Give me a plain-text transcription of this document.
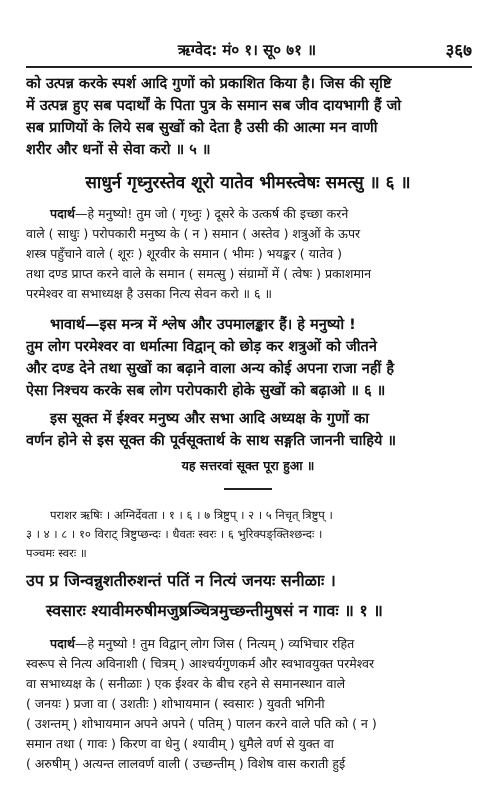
ऋग्वेद: मं० १। सू० ७१ ॥	३६७
को उत्पन्न करके स्पर्श आदि गुणों को प्रकाशित किया है। जिस की सृष्टि
में उत्पन्न हुए सब पदार्थों के पिता पुत्र के समान सब जीव दायभागी हैं जो
सब प्राणियों के लिये सब सुखों को देता है उसी की आत्मा मन वाणी
शरीर और धनों से सेवा करो ॥ ५ ॥
साधुर्न गृध्नुरस्तेव शूरो यातेव भीमस्त्वेषः समत्सु ॥ ६ ॥
पदार्थ—हे मनुष्यो! तुम जो ( गृध्नुः ) दूसरे के उत्कर्ष की इच्छा करने
वाले ( साधुः ) परोपकारी मनुष्य के ( न ) समान ( अस्तेव ) शत्रुओं के ऊपर
शस्त्र पहुँचाने वाले ( शूरः ) शूरवीर के समान ( भीमः ) भयङ्कर ( यातेव )
तथा दण्ड प्राप्त करने वाले के समान ( समत्सु ) संग्रामों में ( त्वेषः ) प्रकाशमान
परमेश्वर वा सभाध्यक्ष है उसका नित्य सेवन करो ॥ ६ ॥
भावार्थ—इस मन्त्र में श्लेष और उपमालङ्कार हैं। हे मनुष्यो !
तुम लोग परमेश्वर वा धर्मात्मा विद्वान् को छोड़ कर शत्रुओं को जीतने
और दण्ड देने तथा सुखों का बढ़ाने वाला अन्य कोई अपना राजा नहीं है
ऐसा निश्चय करके सब लोग परोपकारी होके सुखों को बढ़ाओ ॥ ६ ॥
इस सूक्त में ईश्वर मनुष्य और सभा आदि अध्यक्ष के गुणों का
वर्णन होने से इस सूक्त की पूर्वसूक्तार्थ के साथ सङ्गति जाननी चाहिये ॥
यह सत्तरवां सूक्त पूरा हुआ ॥
पराशर ऋषिः । अग्निर्देवता । १ । ६ । ७ त्रिष्टुप् । २ । ५ निचृत् त्रिष्टुप् ।
३ । ४ । ८ । १० विराट् त्रिष्टुप्छन्दः । धैवतः स्वरः । ६ भुरिक्पङ्क्तिश्छन्दः ।
पञ्चमः स्वरः ॥
उप प्र जिन्वन्नुशतीरुशन्तं पतिं न नित्यं जनयः सनीळाः ।
स्वसारः श्यावीमरुषीमजुष्रञ्चित्रमुच्छन्तीमुषसं न गावः ॥ १ ॥
पदार्थ—हे मनुष्यो ! तुम विद्वान् लोग जिस ( नित्यम् ) व्यभिचार रहित
स्वरूप से नित्य अविनाशी ( चित्रम् ) आश्चर्यगुणकर्म और स्वभावयुक्त परमेश्वर
वा सभाध्यक्ष के ( सनीळाः ) एक ईश्वर के बीच रहने से समानस्थान वाले
( जनयः ) प्रजा वा ( उशतीः ) शोभायमान ( स्वसारः ) युवती भगिनी
( उशन्तम् ) शोभायमान अपने अपने ( पतिम् ) पालन करने वाले पति को ( न )
समान तथा ( गावः ) किरण वा धेनु ( श्यावीम् ) धुमैले वर्ण से युक्त वा
( अरुषीम् ) अत्यन्त लालवर्ण वाली ( उच्छन्तीम् ) विशेष वास कराती हुई
